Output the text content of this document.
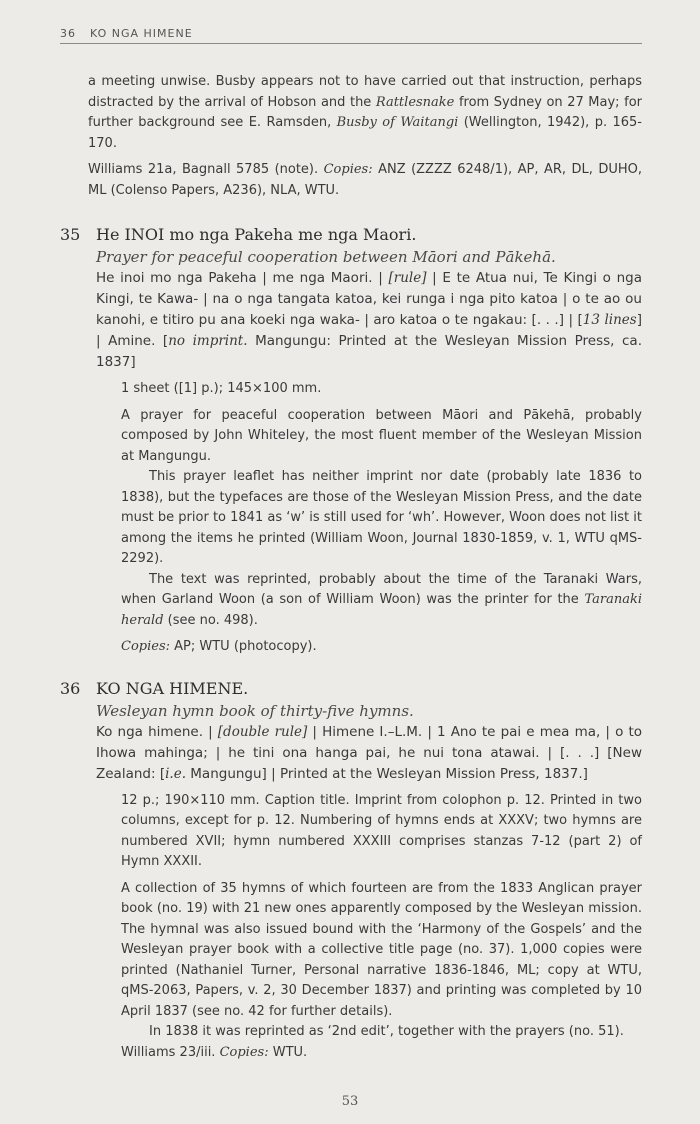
36 KO NGA HIMENE

a meeting unwise. Busby appears not to have carried out that instruction, perhaps distracted by the arrival of Hobson and the Rattlesnake from Sydney on 27 May; for further background see E. Ramsden, Busby of Waitangi (Wellington, 1942), p. 165-170.

Williams 21a, Bagnall 5785 (note). Copies: ANZ (ZZZZ 6248/1), AP, AR, DL, DUHO, ML (Colenso Papers, A236), NLA, WTU.

35 He INOI mo nga Pakeha me nga Maori.
Prayer for peaceful cooperation between Māori and Pākehā.

He inoi mo nga Pakeha | me nga Maori. | [rule] | E te Atua nui, Te Kingi o nga Kingi, te Kawa- | na o nga tangata katoa, kei runga i nga pito katoa | o te ao ou kanohi, e titiro pu ana koeki nga waka- | aro katoa o te ngakau: [. . .] | [13 lines] | Amine. [no imprint. Mangungu: Printed at the Wesleyan Mission Press, ca. 1837]

1 sheet ([1] p.); 145×100 mm.

A prayer for peaceful cooperation between Māori and Pākehā, probably composed by John Whiteley, the most fluent member of the Wesleyan Mission at Mangungu.

This prayer leaflet has neither imprint nor date (probably late 1836 to 1838), but the typefaces are those of the Wesleyan Mission Press, and the date must be prior to 1841 as ‘w’ is still used for ‘wh’. However, Woon does not list it among the items he printed (William Woon, Journal 1830-1859, v. 1, WTU qMS-2292).

The text was reprinted, probably about the time of the Taranaki Wars, when Garland Woon (a son of William Woon) was the printer for the Taranaki herald (see no. 498).

Copies: AP; WTU (photocopy).

36 KO NGA HIMENE.
Wesleyan hymn book of thirty-five hymns.

Ko nga himene. | [double rule] | Himene I.–L.M. | 1 Ano te pai e mea ma, | o to Ihowa mahinga; | he tini ona hanga pai, he nui tona atawai. | [. . .] [New Zealand: [i.e. Mangungu] | Printed at the Wesleyan Mission Press, 1837.]

12 p.; 190×110 mm. Caption title. Imprint from colophon p. 12. Printed in two columns, except for p. 12. Numbering of hymns ends at XXXV; two hymns are numbered XVII; hymn numbered XXXIII comprises stanzas 7-12 (part 2) of Hymn XXXII.

A collection of 35 hymns of which fourteen are from the 1833 Anglican prayer book (no. 19) with 21 new ones apparently composed by the Wesleyan mission. The hymnal was also issued bound with the ‘Harmony of the Gospels’ and the Wesleyan prayer book with a collective title page (no. 37). 1,000 copies were printed (Nathaniel Turner, Personal narrative 1836-1846, ML; copy at WTU, qMS-2063, Papers, v. 2, 30 December 1837) and printing was completed by 10 April 1837 (see no. 42 for further details).

In 1838 it was reprinted as ‘2nd edit’, together with the prayers (no. 51).

Williams 23/iii. Copies: WTU.

53
